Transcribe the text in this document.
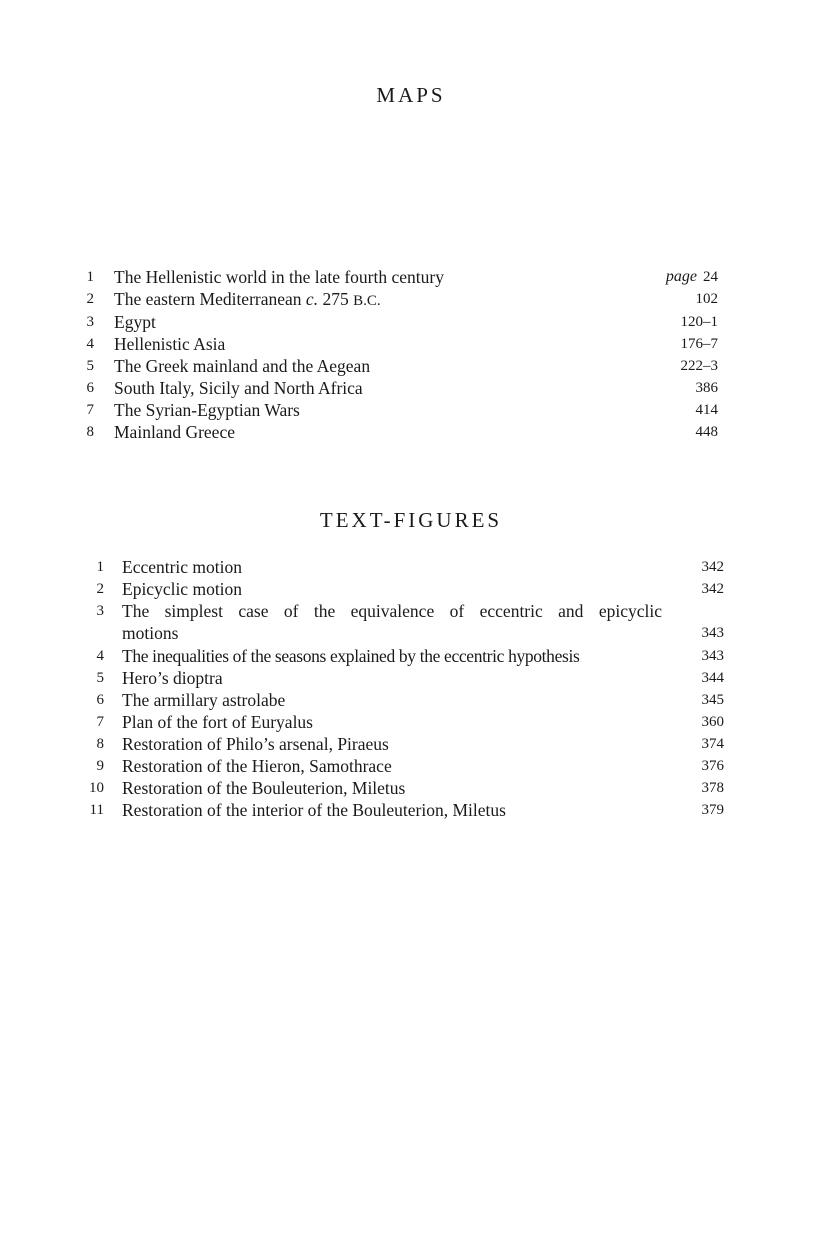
MAPS
1 The Hellenistic world in the late fourth century	page 24
2 The eastern Mediterranean c. 275 B.C.	102
3 Egypt	120–1
4 Hellenistic Asia	176–7
5 The Greek mainland and the Aegean	222–3
6 South Italy, Sicily and North Africa	386
7 The Syrian-Egyptian Wars	414
8 Mainland Greece	448
TEXT-FIGURES
1 Eccentric motion	342
2 Epicyclic motion	342
3 The simplest case of the equivalence of eccentric and epicyclic
motions	343
4 The inequalities of the seasons explained by the eccentric hypothesis	343
5 Hero’s dioptra	344
6 The armillary astrolabe	345
7 Plan of the fort of Euryalus	360
8 Restoration of Philo’s arsenal, Piraeus	374
9 Restoration of the Hieron, Samothrace	376
10 Restoration of the Bouleuterion, Miletus	378
11 Restoration of the interior of the Bouleuterion, Miletus	379
